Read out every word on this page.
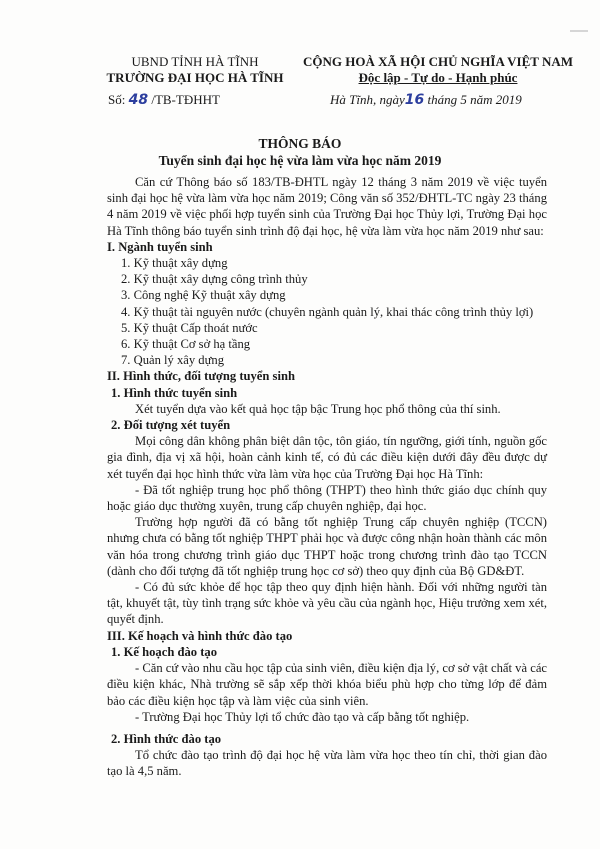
UBND TỈNH HÀ TĨNH
TRƯỜNG ĐẠI HỌC HÀ TĨNH
CỘNG HOÀ XÃ HỘI CHỦ NGHĨA VIỆT NAM
Độc lập - Tự do - Hạnh phúc
Số: 48 /TB-TĐHHT	Hà Tĩnh, ngày16 tháng 5 năm 2019
THÔNG BÁO
Tuyển sinh đại học hệ vừa làm vừa học năm 2019

Căn cứ Thông báo số 183/TB-ĐHTL ngày 12 tháng 3 năm 2019 về việc tuyển sinh đại học hệ vừa làm vừa học năm 2019; Công văn số 352/ĐHTL-TC ngày 23 tháng 4 năm 2019 về việc phối hợp tuyển sinh của Trường Đại học Thủy lợi, Trường Đại học Hà Tĩnh thông báo tuyển sinh trình độ đại học, hệ vừa làm vừa học năm 2019 như sau:

I. Ngành tuyển sinh

1. Kỹ thuật xây dựng

2. Kỹ thuật xây dựng công trình thủy

3. Công nghệ Kỹ thuật xây dựng

4. Kỹ thuật tài nguyên nước (chuyên ngành quản lý, khai thác công trình thủy lợi)

5. Kỹ thuật Cấp thoát nước

6. Kỹ thuật Cơ sở hạ tầng

7. Quản lý xây dựng

II. Hình thức, đối tượng tuyển sinh

1. Hình thức tuyển sinh

Xét tuyển dựa vào kết quả học tập bậc Trung học phổ thông của thí sinh.

2. Đối tượng xét tuyển

Mọi công dân không phân biệt dân tộc, tôn giáo, tín ngưỡng, giới tính, nguồn gốc gia đình, địa vị xã hội, hoàn cảnh kinh tế, có đủ các điều kiện dưới đây đều được dự xét tuyển đại học hình thức vừa làm vừa học của Trường Đại học Hà Tĩnh:

- Đã tốt nghiệp trung học phổ thông (THPT) theo hình thức giáo dục chính quy hoặc giáo dục thường xuyên, trung cấp chuyên nghiệp, đại học.

Trường hợp người đã có bằng tốt nghiệp Trung cấp chuyên nghiệp (TCCN) nhưng chưa có bằng tốt nghiệp THPT phải học và được công nhận hoàn thành các môn văn hóa trong chương trình giáo dục THPT hoặc trong chương trình đào tạo TCCN (dành cho đối tượng đã tốt nghiệp trung học cơ sở) theo quy định của Bộ GD&ĐT.

- Có đủ sức khỏe để học tập theo quy định hiện hành. Đối với những người tàn tật, khuyết tật, tùy tình trạng sức khỏe và yêu cầu của ngành học, Hiệu trưởng xem xét, quyết định.

III. Kế hoạch và hình thức đào tạo

1. Kế hoạch đào tạo

- Căn cứ vào nhu cầu học tập của sinh viên, điều kiện địa lý, cơ sở vật chất và các điều kiện khác, Nhà trường sẽ sắp xếp thời khóa biểu phù hợp cho từng lớp để đảm bảo các điều kiện học tập và làm việc của sinh viên.

- Trường Đại học Thủy lợi tổ chức đào tạo và cấp bằng tốt nghiệp.

2. Hình thức đào tạo

Tổ chức đào tạo trình độ đại học hệ vừa làm vừa học theo tín chỉ, thời gian đào tạo là 4,5 năm.
